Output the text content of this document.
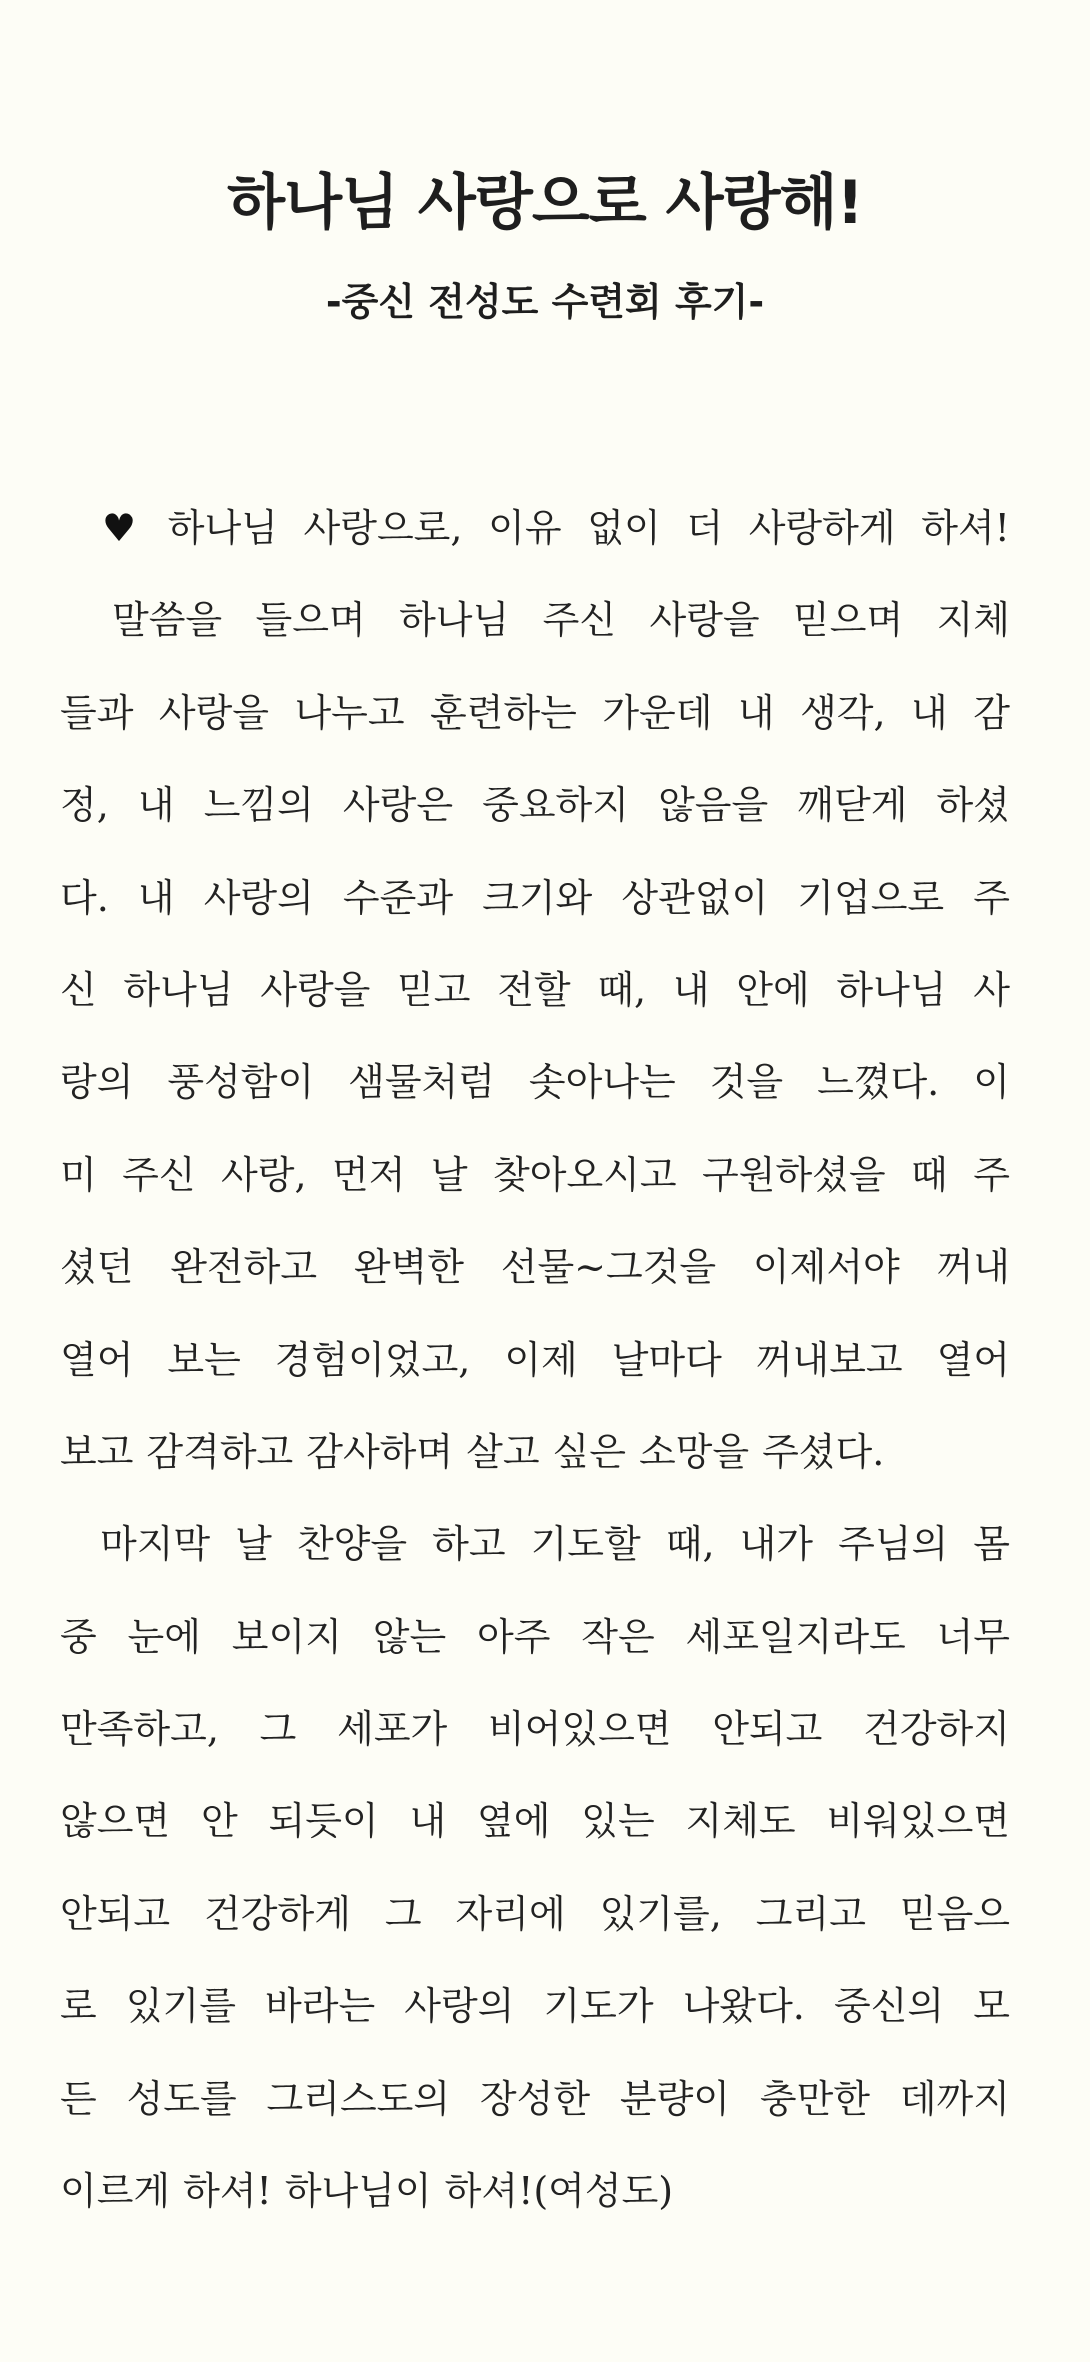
하나님 사랑으로 사랑해!
-중신 전성도 수련회 후기-
♥ 하나님 사랑으로, 이유 없이 더 사랑하게 하셔!
말씀을 들으며 하나님 주신 사랑을 믿으며 지체
들과 사랑을 나누고 훈련하는 가운데 내 생각, 내 감
정, 내 느낌의 사랑은 중요하지 않음을 깨닫게 하셨
다. 내 사랑의 수준과 크기와 상관없이 기업으로 주
신 하나님 사랑을 믿고 전할 때, 내 안에 하나님 사
랑의 풍성함이 샘물처럼 솟아나는 것을 느꼈다. 이
미 주신 사랑, 먼저 날 찾아오시고 구원하셨을 때 주
셨던 완전하고 완벽한 선물~그것을 이제서야 꺼내
열어 보는 경험이었고, 이제 날마다 꺼내보고 열어
보고 감격하고 감사하며 살고 싶은 소망을 주셨다.
마지막 날 찬양을 하고 기도할 때, 내가 주님의 몸
중 눈에 보이지 않는 아주 작은 세포일지라도 너무
만족하고, 그 세포가 비어있으면 안되고 건강하지
않으면 안 되듯이 내 옆에 있는 지체도 비워있으면
안되고 건강하게 그 자리에 있기를, 그리고 믿음으
로 있기를 바라는 사랑의 기도가 나왔다. 중신의 모
든 성도를 그리스도의 장성한 분량이 충만한 데까지
이르게 하셔! 하나님이 하셔!(여성도)
